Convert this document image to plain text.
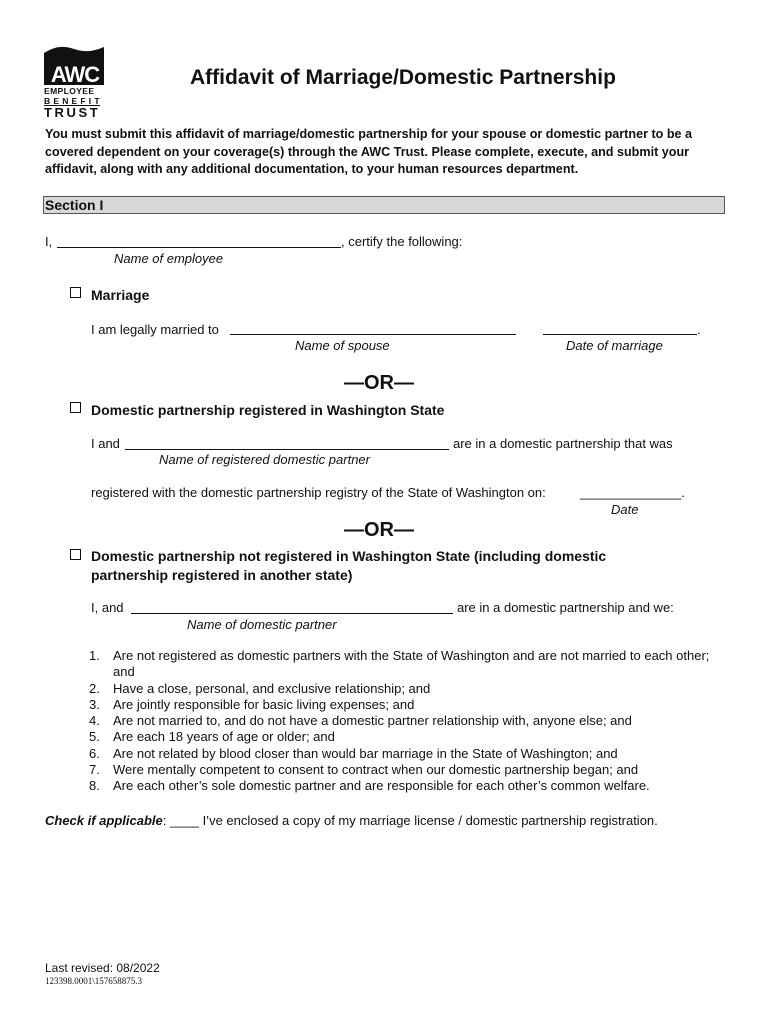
AWC
EMPLOYEE
BENEFIT
TRUST
Affidavit of Marriage/Domestic Partnership
You must submit this affidavit of marriage/domestic partnership for your spouse or domestic partner to be a covered dependent on your coverage(s) through the AWC Trust. Please complete, execute, and submit your affidavit, along with any additional documentation, to your human resources department.
Section I
I,	, certify the following:
Name of employee
Marriage
I am legally married to	.
Name of spouse	Date of marriage
—OR—
Domestic partnership registered in Washington State
I and	are in a domestic partnership that was
Name of registered domestic partner
registered with the domestic partnership registry of the State of Washington on:	______________.
Date
—OR—
Domestic partnership not registered in Washington State (including domestic
partnership registered in another state)
I, and	are in a domestic partnership and we:
Name of domestic partner
1. Are not registered as domestic partners with the State of Washington and are not married to each other; and
2. Have a close, personal, and exclusive relationship; and
3. Are jointly responsible for basic living expenses; and
4. Are not married to, and do not have a domestic partner relationship with, anyone else; and
5. Are each 18 years of age or older; and
6. Are not related by blood closer than would bar marriage in the State of Washington; and
7. Were mentally competent to consent to contract when our domestic partnership began; and
8. Are each other’s sole domestic partner and are responsible for each other’s common welfare.
Check if applicable: ____ I’ve enclosed a copy of my marriage license / domestic partnership registration.
Last revised: 08/2022
123398.0001\157658875.3
